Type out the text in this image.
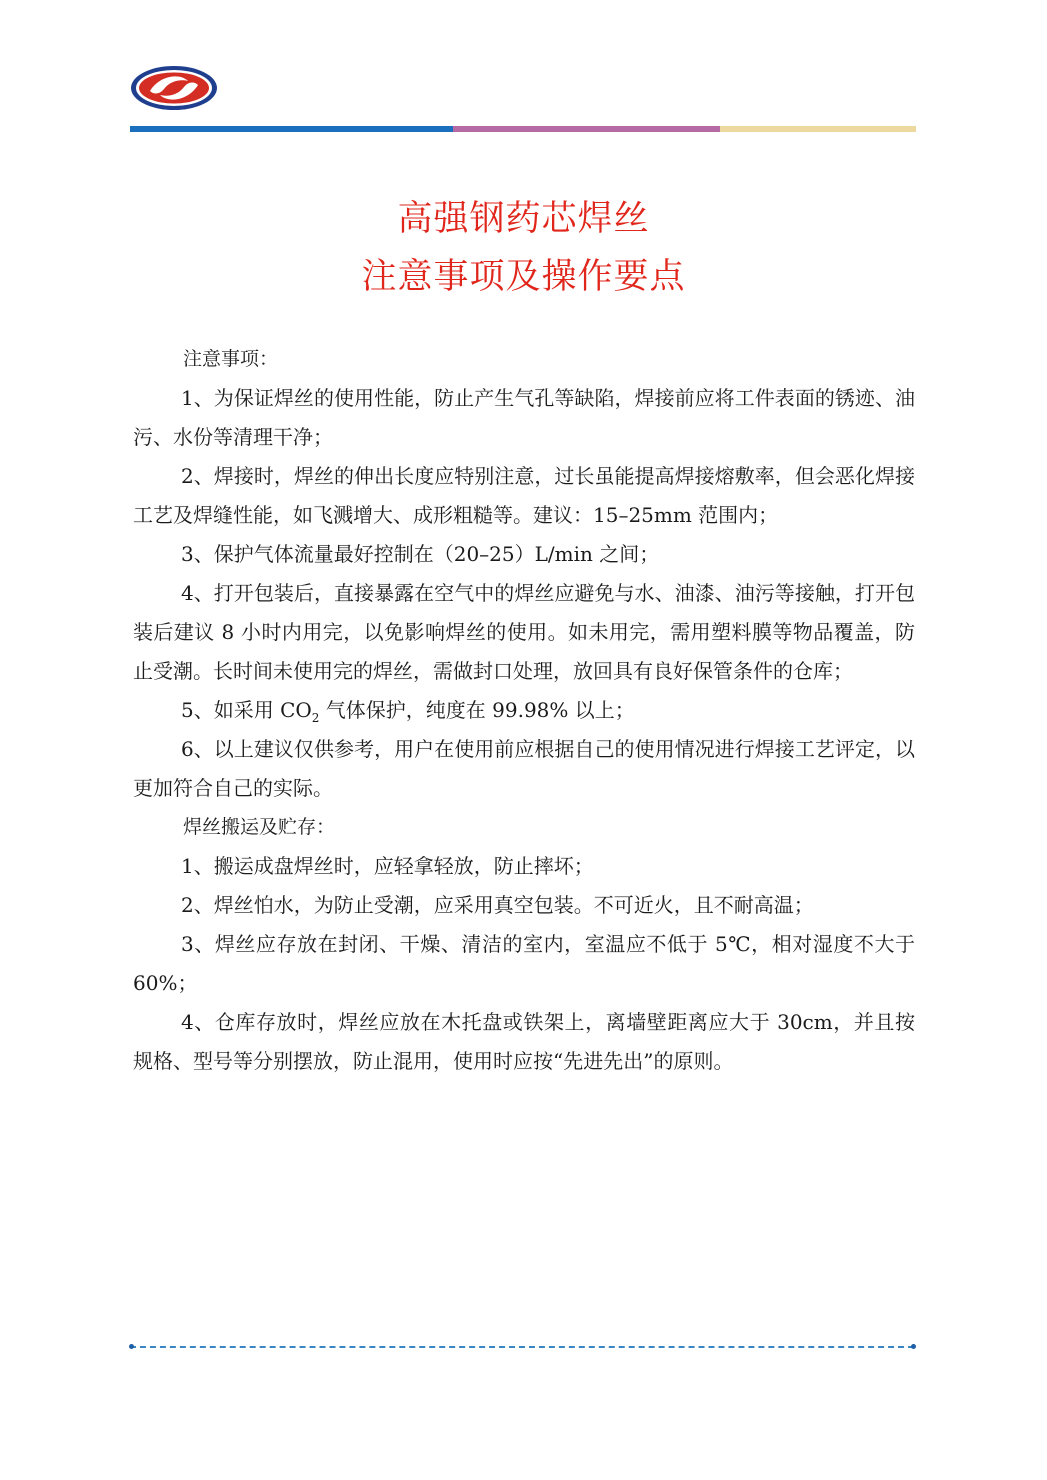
高强钢药芯焊丝
注意事项及操作要点
注意事项：

1、为保证焊丝的使用性能，防止产生气孔等缺陷，焊接前应将工件表面的锈迹、油污、水份等清理干净；

2、焊接时，焊丝的伸出长度应特别注意，过长虽能提高焊接熔敷率，但会恶化焊接工艺及焊缝性能，如飞溅增大、成形粗糙等。建议：15–25mm 范围内；

3、保护气体流量最好控制在（20–25）L/min 之间；

4、打开包装后，直接暴露在空气中的焊丝应避免与水、油漆、油污等接触，打开包装后建议 8 小时内用完，以免影响焊丝的使用。如未用完，需用塑料膜等物品覆盖，防止受潮。长时间未使用完的焊丝，需做封口处理，放回具有良好保管条件的仓库；

5、如采用 $CO_2$ 气体保护，纯度在 99.98% 以上；

6、以上建议仅供参考，用户在使用前应根据自己的使用情况进行焊接工艺评定，以更加符合自己的实际。

焊丝搬运及贮存：

1、搬运成盘焊丝时，应轻拿轻放，防止摔坏；

2、焊丝怕水，为防止受潮，应采用真空包装。不可近火，且不耐高温；

3、焊丝应存放在封闭、干燥、清洁的室内，室温应不低于 5℃，相对湿度不大于 60%；

4、仓库存放时，焊丝应放在木托盘或铁架上，离墙壁距离应大于 30cm，并且按规格、型号等分别摆放，防止混用，使用时应按“先进先出”的原则。
